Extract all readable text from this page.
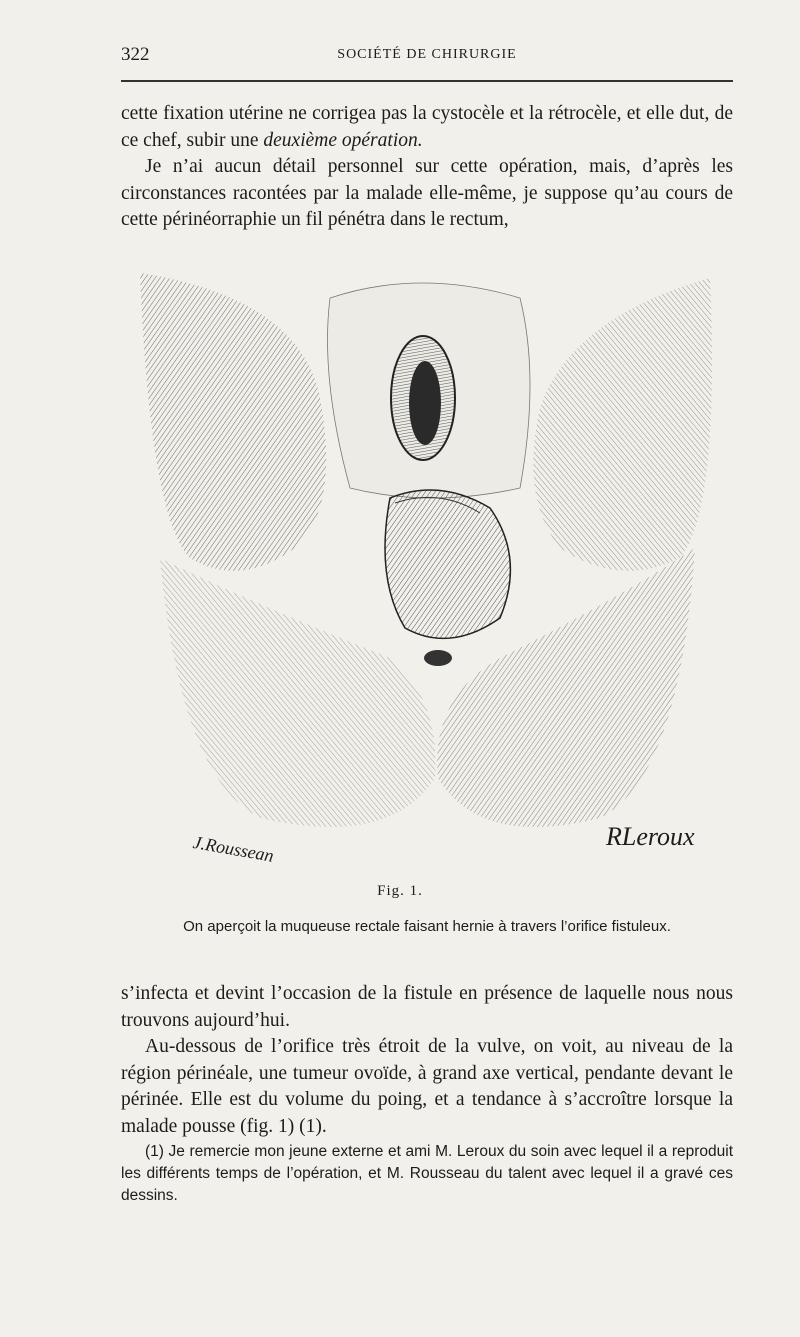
322	SOCIÉTÉ DE CHIRURGIE

cette fixation utérine ne corrigea pas la cystocèle et la rétrocèle, et elle dut, de ce chef, subir une deuxième opération.

Je n’ai aucun détail personnel sur cette opération, mais, d’après les circonstances racontées par la malade elle-même, je suppose qu’au cours de cette périnéorraphie un fil pénétra dans le rectum,

J.Roussean	RLeroux
Fig. 1.
On aperçoit la muqueuse rectale faisant hernie à travers l’orifice fistuleux.

s’infecta et devint l’occasion de la fistule en présence de laquelle nous nous trouvons aujourd’hui.

Au-dessous de l’orifice très étroit de la vulve, on voit, au niveau de la région périnéale, une tumeur ovoïde, à grand axe vertical, pendante devant le périnée. Elle est du volume du poing, et a tendance à s’accroître lorsque la malade pousse (fig. 1) (1).

(1) Je remercie mon jeune externe et ami M. Leroux du soin avec lequel il a reproduit les différents temps de l’opération, et M. Rousseau du talent avec lequel il a gravé ces dessins.
